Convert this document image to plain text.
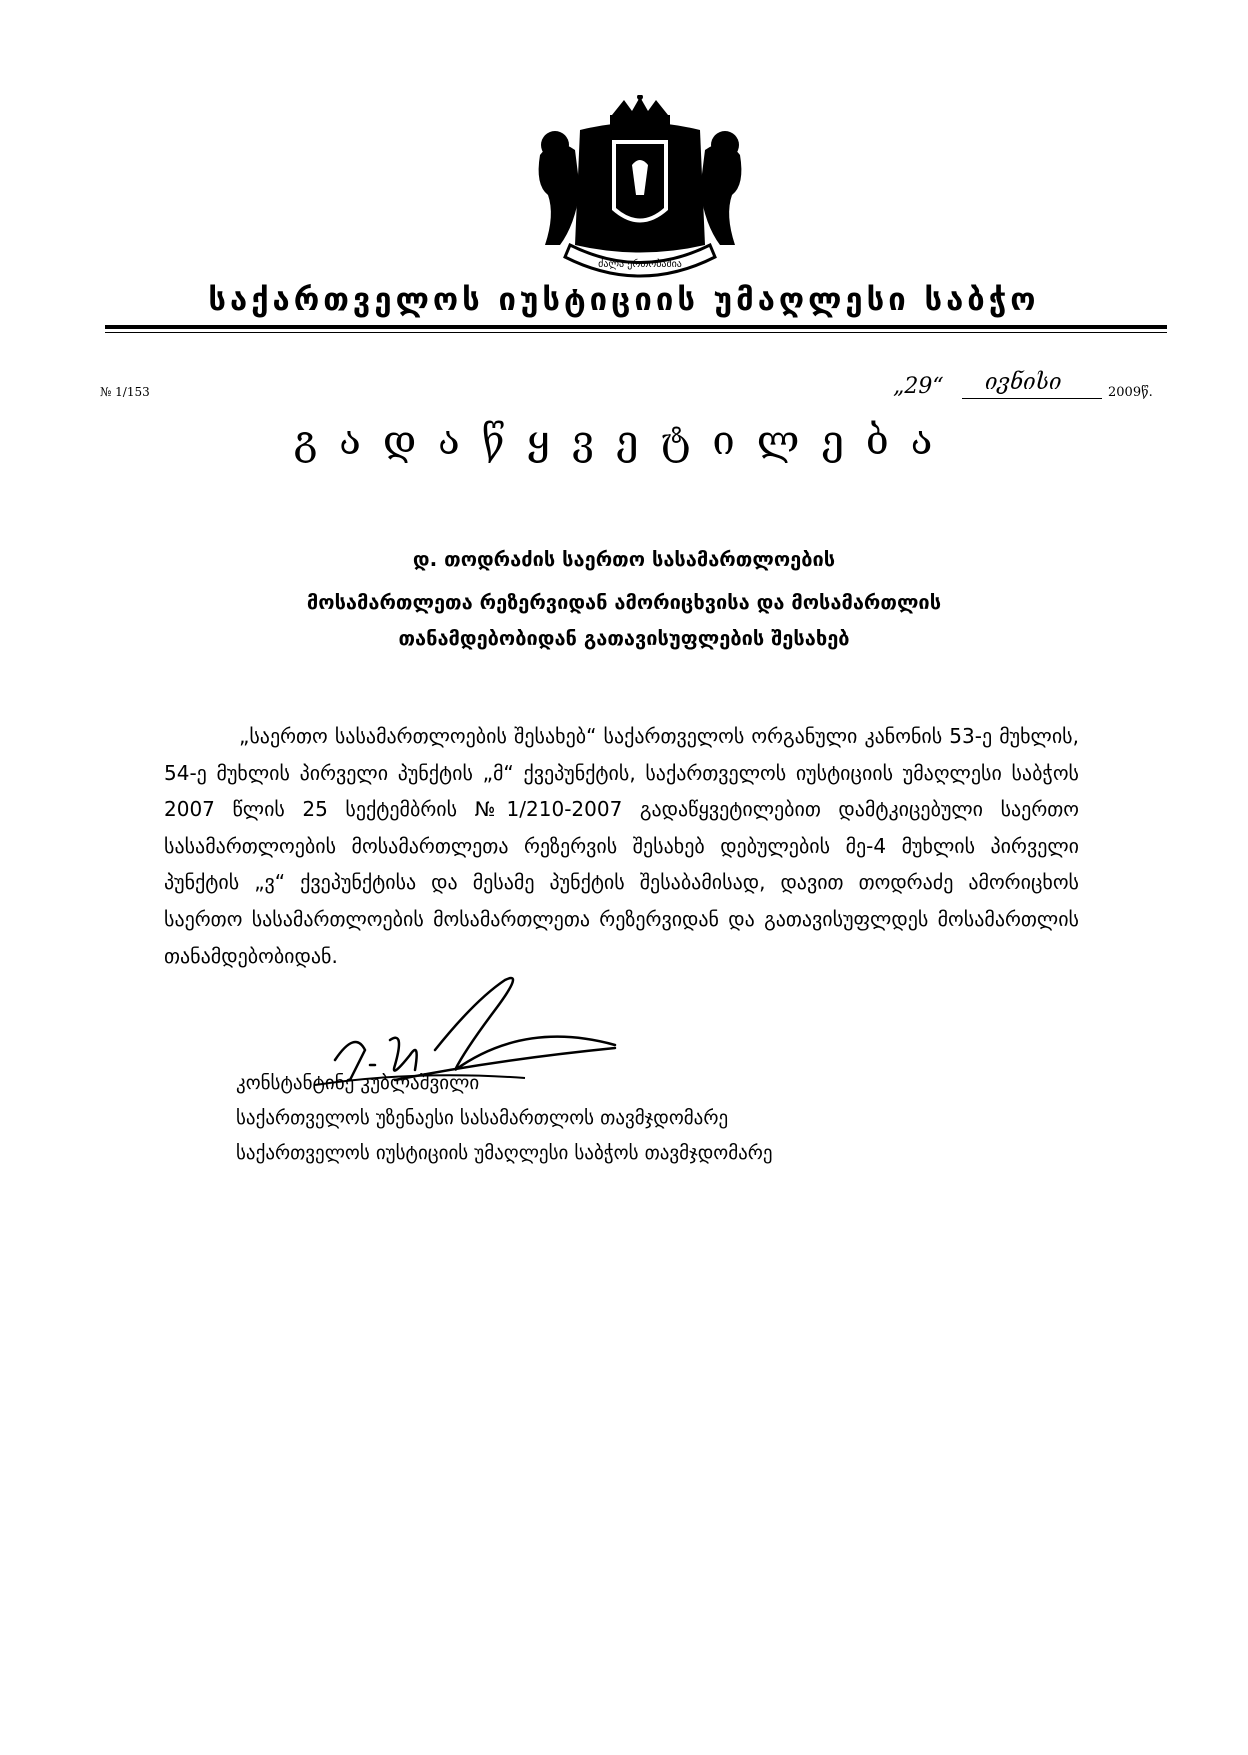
ძალა ერთობაშია
საქართველოს იუსტიციის უმაღლესი საბჭო
№ 1/153	„29“ ივნისი	2009წ.
გადაწყვეტილება
დ. თოდრაძის საერთო სასამართლოების
მოსამართლეთა რეზერვიდან ამორიცხვისა და მოსამართლის
თანამდებობიდან გათავისუფლების შესახებ
„საერთო სასამართლოების შესახებ“ საქართველოს ორგანული კანონის 53-ე მუხლის, 54-ე მუხლის პირველი პუნქტის „მ“ ქვეპუნქტის, საქართველოს იუსტიციის უმაღლესი საბჭოს 2007 წლის 25 სექტემბრის №1/210-2007 გადაწყვეტილებით დამტკიცებული საერთო სასამართლოების მოსამართლეთა რეზერვის შესახებ დებულების მე-4 მუხლის პირველი პუნქტის „ვ“ ქვეპუნქტისა და მესამე პუნქტის შესაბამისად, დავით თოდრაძე ამორიცხოს საერთო სასამართლოების მოსამართლეთა რეზერვიდან და გათავისუფლდეს მოსამართლის თანამდებობიდან.
კონსტანტინე კუბლაშვილი
საქართველოს უზენაესი სასამართლოს თავმჯდომარე
საქართველოს იუსტიციის უმაღლესი საბჭოს თავმჯდომარე
